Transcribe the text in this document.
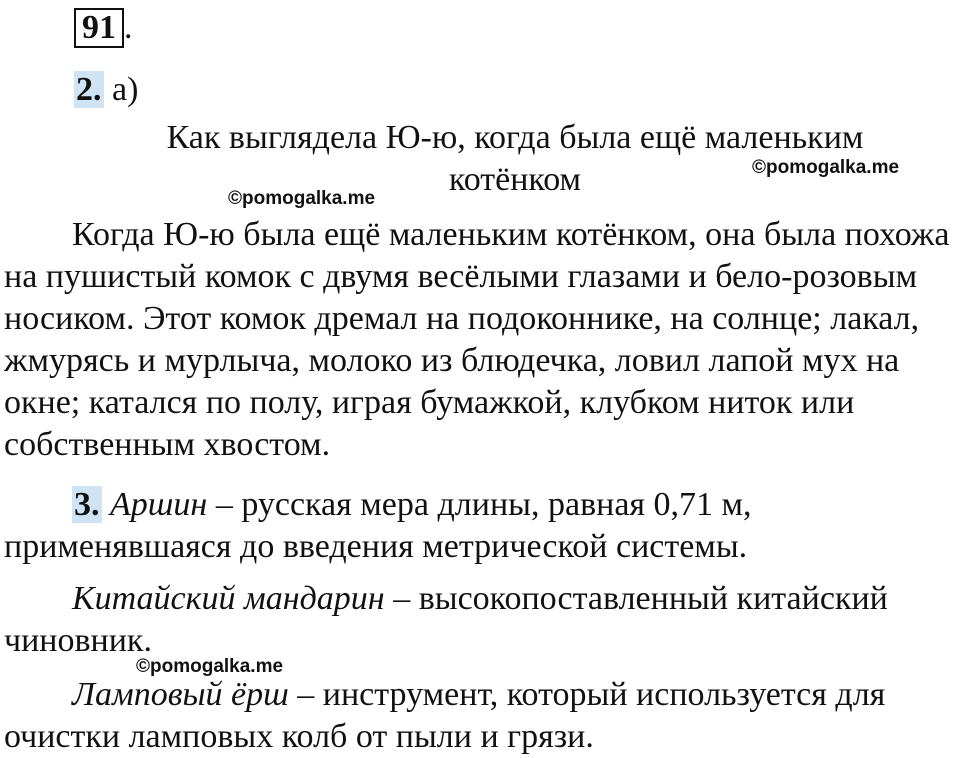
91 .
2. а)
Как выглядела Ю-ю, когда была ещё маленьким
котёнком	©pomogalka.me
©pomogalka.me

Когда Ю-ю была ещё маленьким котёнком, она была похожа на пушистый комок с двумя весёлыми глазами и бело-розовым носиком. Этот комок дремал на подоконнике, на солнце; лакал, жмурясь и мурлыча, молоко из блюдечка, ловил лапой мух на окне; катался по полу, играя бумажкой, клубком ниток или собственным хвостом.

3. Аршин – русская мера длины, равная 0,71 м, применявшаяся до введения метрической системы.

Китайский мандарин – высокопоставленный китайский чиновник.

©pomogalka.me

Ламповый ёрш – инструмент, который используется для очистки ламповых колб от пыли и грязи.
